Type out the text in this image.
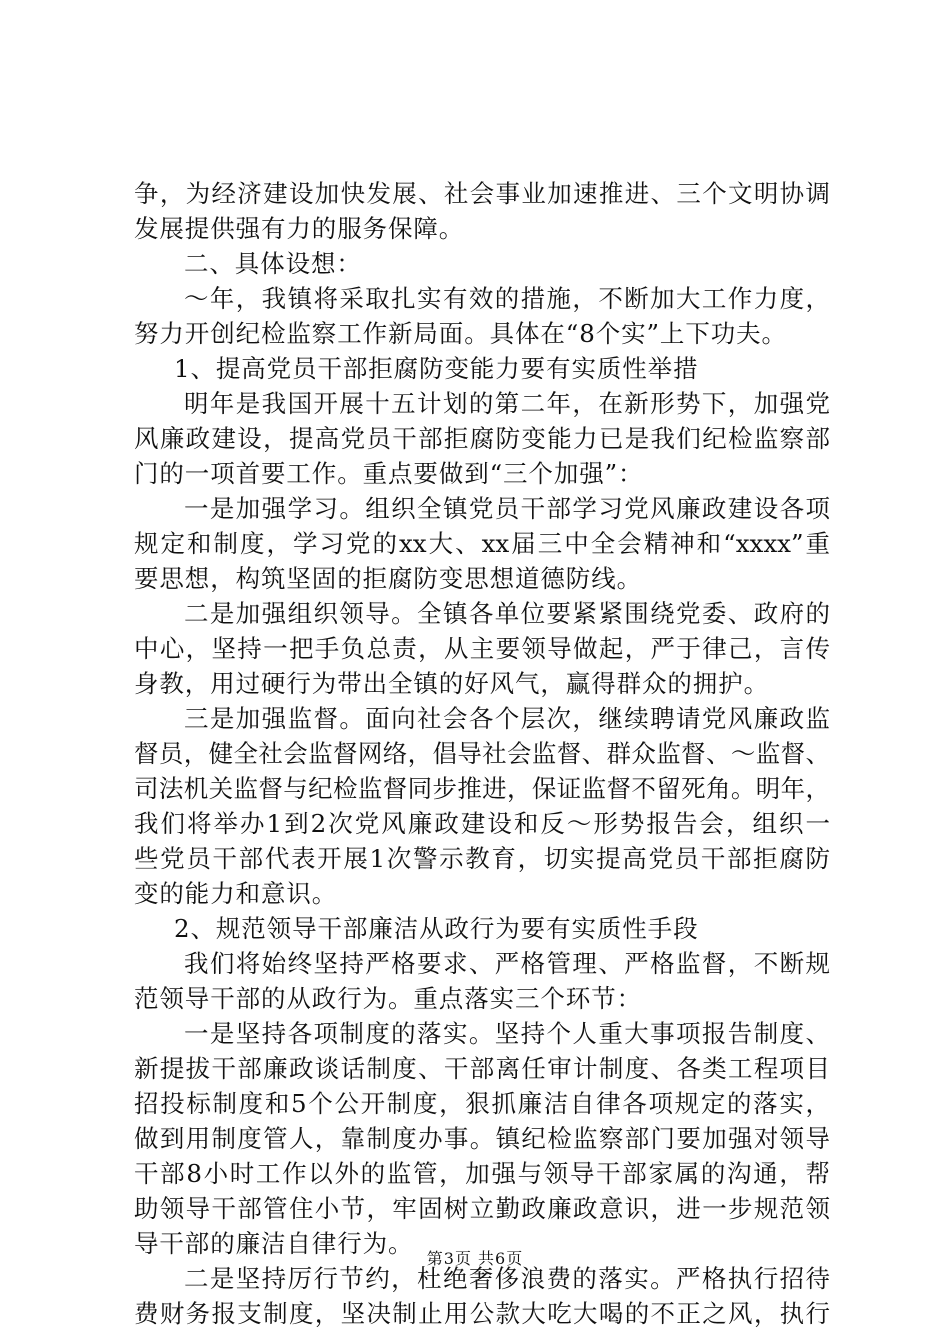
争，为经济建设加快发展、社会事业加速推进、三个文明协调
发展提供强有力的服务保障。
二、具体设想：
～年，我镇将采取扎实有效的措施，不断加大工作力度，
努力开创纪检监察工作新局面。具体在“8个实”上下功夫。
1、提高党员干部拒腐防变能力要有实质性举措
明年是我国开展十五计划的第二年，在新形势下，加强党
风廉政建设，提高党员干部拒腐防变能力已是我们纪检监察部
门的一项首要工作。重点要做到“三个加强”：
一是加强学习。组织全镇党员干部学习党风廉政建设各项
规定和制度，学习党的xx大、xx届三中全会精神和“xxxx”重
要思想，构筑坚固的拒腐防变思想道德防线。
二是加强组织领导。全镇各单位要紧紧围绕党委、政府的
中心，坚持一把手负总责，从主要领导做起，严于律己，言传
身教，用过硬行为带出全镇的好风气，赢得群众的拥护。
三是加强监督。面向社会各个层次，继续聘请党风廉政监
督员，健全社会监督网络，倡导社会监督、群众监督、～监督、
司法机关监督与纪检监督同步推进，保证监督不留死角。明年，
我们将举办1到2次党风廉政建设和反～形势报告会，组织一
些党员干部代表开展1次警示教育，切实提高党员干部拒腐防
变的能力和意识。
2、规范领导干部廉洁从政行为要有实质性手段
我们将始终坚持严格要求、严格管理、严格监督，不断规
范领导干部的从政行为。重点落实三个环节：
一是坚持各项制度的落实。坚持个人重大事项报告制度、
新提拔干部廉政谈话制度、干部离任审计制度、各类工程项目
招投标制度和5个公开制度，狠抓廉洁自律各项规定的落实，
做到用制度管人，靠制度办事。镇纪检监察部门要加强对领导
干部8小时工作以外的监管，加强与领导干部家属的沟通，帮
助领导干部管住小节，牢固树立勤政廉政意识，进一步规范领
导干部的廉洁自律行为。
二是坚持厉行节约，杜绝奢侈浪费的落实。严格执行招待
费财务报支制度，坚决制止用公款大吃大喝的不正之风，执行
第3页 共6页
